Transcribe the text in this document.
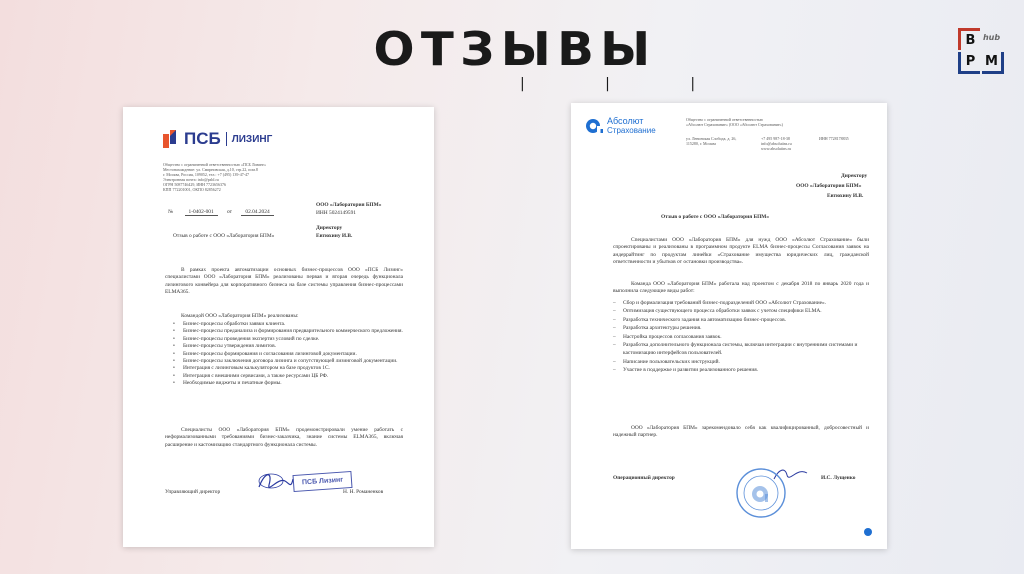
ОТЗЫВЫ
| | |
В hub
Р М
ПСБ ЛИЗИНГ
Общество с ограниченной ответственностью «ПСБ Лизинг»
Местонахождение: ул. Смирновская, д.10, стр.22, пом.8
г. Москва, Россия, 109052, тел.: +7 (495) 139-47-47
Электронная почта: info@psbl.ru
ОГРН 5087746429, ИНН 7723656376
КПП 772201001, ОКПО 82856272
№	1-0402-001 от 02.04.2024
ООО «Лаборатория БПМ»
ИНН 5024149591
Отзыв о работе с ООО «Лаборатория БПМ»
Директору
Евтюхину И.В.
В рамках проекта автоматизации основных бизнес-процессов ООО «ПСБ Лизинг» специалистами ООО «Лаборатория БПМ» реализованы первая и вторая очередь функционала лизингового конвейера для корпоративного бизнеса на базе системы управления бизнес-процессами ELMA365.
Командой ООО «Лаборатория БПМ» реализованы:
• Бизнес-процессы обработки заявки клиента.
• Бизнес-процессы преданализа и формирования предварительного коммерческого предложения.
• Бизнес-процессы проведения экспертиз условий по сделке.
• Бизнес-процессы утверждения лимитов.
• Бизнес-процессы формирования и согласования лизинговой документации.
• Бизнес-процессы заключения договора лизинга и сопутствующей лизинговой документации.
• Интеграция с лизинговым калькулятором на базе продуктов 1С.
• Интеграция с внешними сервисами, а также ресурсами ЦБ РФ.
• Необходимые виджеты и печатные формы.
Специалисты ООО «Лаборатория БПМ» продемонстрировали умение работать с неформализованными требованиями бизнес-заказчика, знание системы ELMA365, включая расширение и кастомизацию стандартного функционала системы.
Управляющий директор	Н. Н. Романенков
ПСБ Лизинг
Абсолют
Страхование
Общество с ограниченной ответственностью
«Абсолют Страхование» (ООО «Абсолют Страхование»)
ул. Ленинская Слобода, д. 26,
115280, г. Москва
+7 495 987-18-38
info@absolutins.ru
www.absolutins.ru
ИНН 7728178835
Директору
ООО «Лаборатория БПМ»
Евтюхину И.В.
Отзыв о работе с ООО «Лаборатория БПМ»
Специалистами ООО «Лаборатория БПМ» для нужд ООО «Абсолют Страхование» были спроектированы и реализованы в программном продукте ELMA бизнес-процессы Согласования заявок на андеррайтинг по продуктам линейки «Страхование имущества юридических лиц, гражданской ответственности и убытков от остановки производства».
Команда ООО «Лаборатория БПМ» работала над проектом с декабря 2018 по январь 2020 года и выполнила следующие виды работ:
– Сбор и формализация требований бизнес-подразделений ООО «Абсолют Страхование».
– Оптимизация существующего процесса обработки заявок с учетом специфики ELMA.
– Разработка технического задания на автоматизацию бизнес-процессов.
– Разработка архитектуры решения.
– Настройка процессов согласования заявок.
– Разработка дополнительного функционала системы, включая интеграции с внутренними системами и кастомизацию интерфейсов пользователей.
– Написание пользовательских инструкций.
– Участие в поддержке и развитии реализованного решения.
ООО «Лаборатория БПМ» зарекомендовало себя как квалифицированный, добросовестный и надежный партнер.
Операционный директор	И.С. Лущенко
